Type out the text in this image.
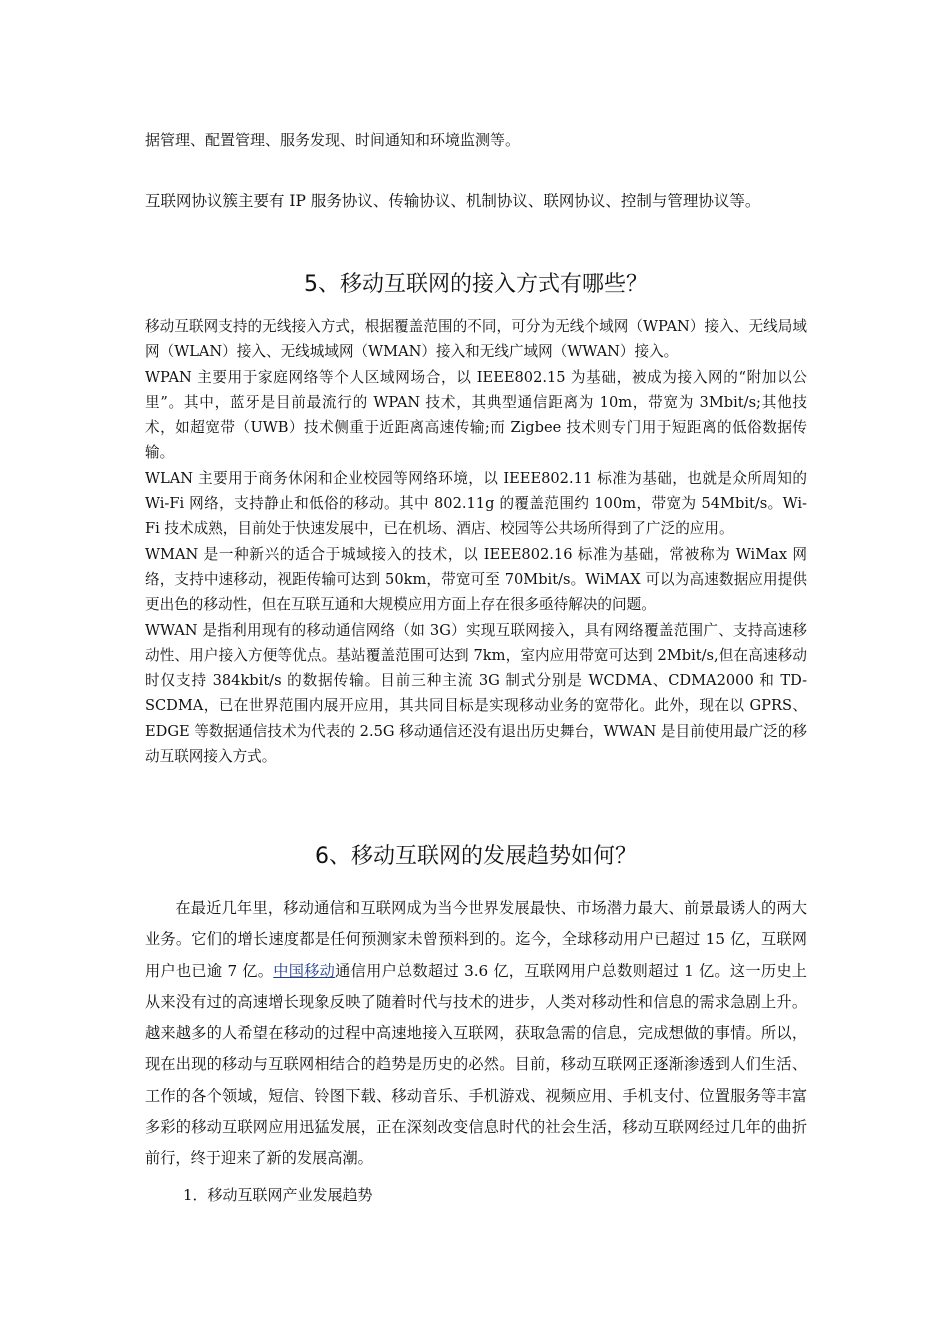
据管理、配置管理、服务发现、时间通知和环境监测等。

互联网协议簇主要有 IP 服务协议、传输协议、机制协议、联网协议、控制与管理协议等。

5、移动互联网的接入方式有哪些？

移动互联网支持的无线接入方式，根据覆盖范围的不同，可分为无线个域网（WPAN）接入、无线局域网（WLAN）接入、无线城域网（WMAN）接入和无线广域网（WWAN）接入。

WPAN 主要用于家庭网络等个人区域网场合，以 IEEE802.15 为基础，被成为接入网的“附加以公里”。其中，蓝牙是目前最流行的 WPAN 技术，其典型通信距离为 10m，带宽为 3Mbit/s;其他技术，如超宽带（UWB）技术侧重于近距离高速传输;而 Zigbee 技术则专门用于短距离的低俗数据传输。

WLAN 主要用于商务休闲和企业校园等网络环境，以 IEEE802.11 标准为基础，也就是众所周知的 Wi-Fi 网络，支持静止和低俗的移动。其中 802.11g 的覆盖范围约 100m，带宽为 54Mbit/s。Wi-Fi 技术成熟，目前处于快速发展中，已在机场、酒店、校园等公共场所得到了广泛的应用。

WMAN 是一种新兴的适合于城域接入的技术，以 IEEE802.16 标准为基础，常被称为 WiMax 网络，支持中速移动，视距传输可达到 50km，带宽可至 70Mbit/s。WiMAX 可以为高速数据应用提供更出色的移动性，但在互联互通和大规模应用方面上存在很多亟待解决的问题。

WWAN 是指利用现有的移动通信网络（如 3G）实现互联网接入，具有网络覆盖范围广、支持高速移动性、用户接入方便等优点。基站覆盖范围可达到 7km，室内应用带宽可达到 2Mbit/s,但在高速移动时仅支持 384kbit/s 的数据传输。目前三种主流 3G 制式分别是 WCDMA、CDMA2000 和 TD-SCDMA，已在世界范围内展开应用，其共同目标是实现移动业务的宽带化。此外，现在以 GPRS、EDGE 等数据通信技术为代表的 2.5G 移动通信还没有退出历史舞台，WWAN 是目前使用最广泛的移动互联网接入方式。

6、移动互联网的发展趋势如何？

在最近几年里，移动通信和互联网成为当今世界发展最快、市场潜力最大、前景最诱人的两大业务。它们的增长速度都是任何预测家未曾预料到的。迄今，全球移动用户已超过 15 亿，互联网用户也已逾 7 亿。中国移动通信用户总数超过 3.6 亿，互联网用户总数则超过 1 亿。这一历史上从来没有过的高速增长现象反映了随着时代与技术的进步，人类对移动性和信息的需求急剧上升。越来越多的人希望在移动的过程中高速地接入互联网，获取急需的信息，完成想做的事情。所以，现在出现的移动与互联网相结合的趋势是历史的必然。目前，移动互联网正逐渐渗透到人们生活、工作的各个领域，短信、铃图下载、移动音乐、手机游戏、视频应用、手机支付、位置服务等丰富多彩的移动互联网应用迅猛发展，正在深刻改变信息时代的社会生活，移动互联网经过几年的曲折前行，终于迎来了新的发展高潮。

1．移动互联网产业发展趋势
